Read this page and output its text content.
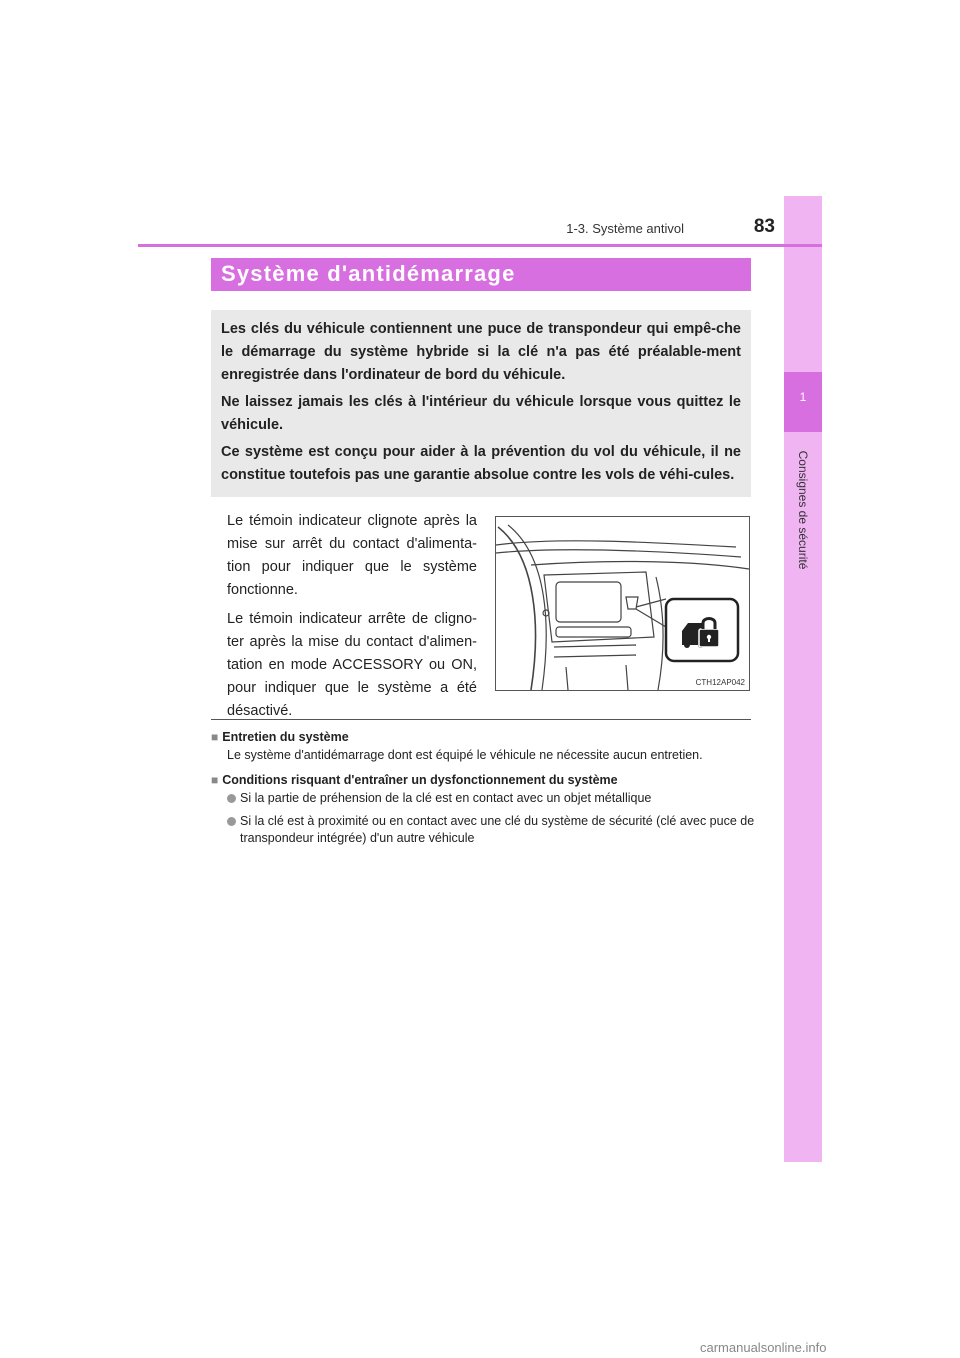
1
Consignes de sécurité
1-3. Système antivol	83
Système d'antidémarrage

Les clés du véhicule contiennent une puce de transpondeur qui empê-che le démarrage du système hybride si la clé n'a pas été préalable-ment enregistrée dans l'ordinateur de bord du véhicule.

Ne laissez jamais les clés à l'intérieur du véhicule lorsque vous quittez le véhicule.

Ce système est conçu pour aider à la prévention du vol du véhicule, il ne constitue toutefois pas une garantie absolue contre les vols de véhi-cules.

Le témoin indicateur clignote après la mise sur arrêt du contact d'alimenta-tion pour indiquer que le système fonctionne.

Le témoin indicateur arrête de cligno-ter après la mise du contact d'alimen-tation en mode ACCESSORY ou ON, pour indiquer que le système a été désactivé.

CTH12AP042
■ Entretien du système
Le système d'antidémarrage dont est équipé le véhicule ne nécessite aucun entretien.
■ Conditions risquant d'entraîner un dysfonctionnement du système
Si la partie de préhension de la clé est en contact avec un objet métallique
Si la clé est à proximité ou en contact avec une clé du système de sécurité (clé avec puce de transpondeur intégrée) d'un autre véhicule
carmanualsonline.info
